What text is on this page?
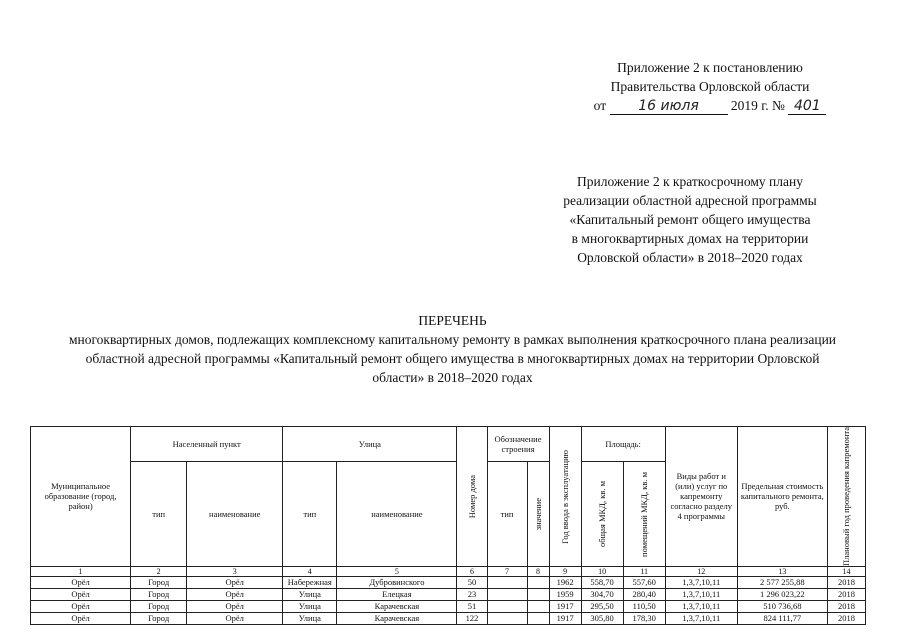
Приложение 2 к постановлению
Правительства Орловской области
от 16 июля 2019 г. № 401
Приложение 2 к краткосрочному плану
реализации областной адресной программы
«Капитальный ремонт общего имущества
в многоквартирных домах на территории
Орловской области» в 2018–2020 годах
ПЕРЕЧЕНЬ
многоквартирных домов, подлежащих комплексному капитальному ремонту в рамках выполнения краткосрочного плана реализации
областной адресной программы «Капитальный ремонт общего имущества в многоквартирных домах на территории Орловской
области» в 2018–2020 годах
Муниципальное образование (город, район)	Населенный пункт		Улица		Номер дома	Обозначение строения		Год ввода в эксплуатацию	Площадь:		Виды работ и (или) услуг по капремонту согласно разделу 4 программы	Предельная стоимость капитального ремонта, руб.	Плановый год проведения капремонта

	тип	наименование	тип	наименование		тип	значение		общая МКД, кв. м	помещений МКД, кв. м			

1	2	3	4	5	6	7	8	9	10	11	12	13	14
Орёл	Город	Орёл	Набережная	Дубровинского	50			1962	558,70	557,60	1,3,7,10,11	2 577 255,88	2018
Орёл	Город	Орёл	Улица	Елецкая	23			1959	304,70	280,40	1,3,7,10,11	1 296 023,22	2018
Орёл	Город	Орёл	Улица	Карачевская	51			1917	295,50	110,50	1,3,7,10,11	510 736,68	2018
Орёл	Город	Орёл	Улица	Карачевская	122			1917	305,80	178,30	1,3,7,10,11	824 111,77	2018
